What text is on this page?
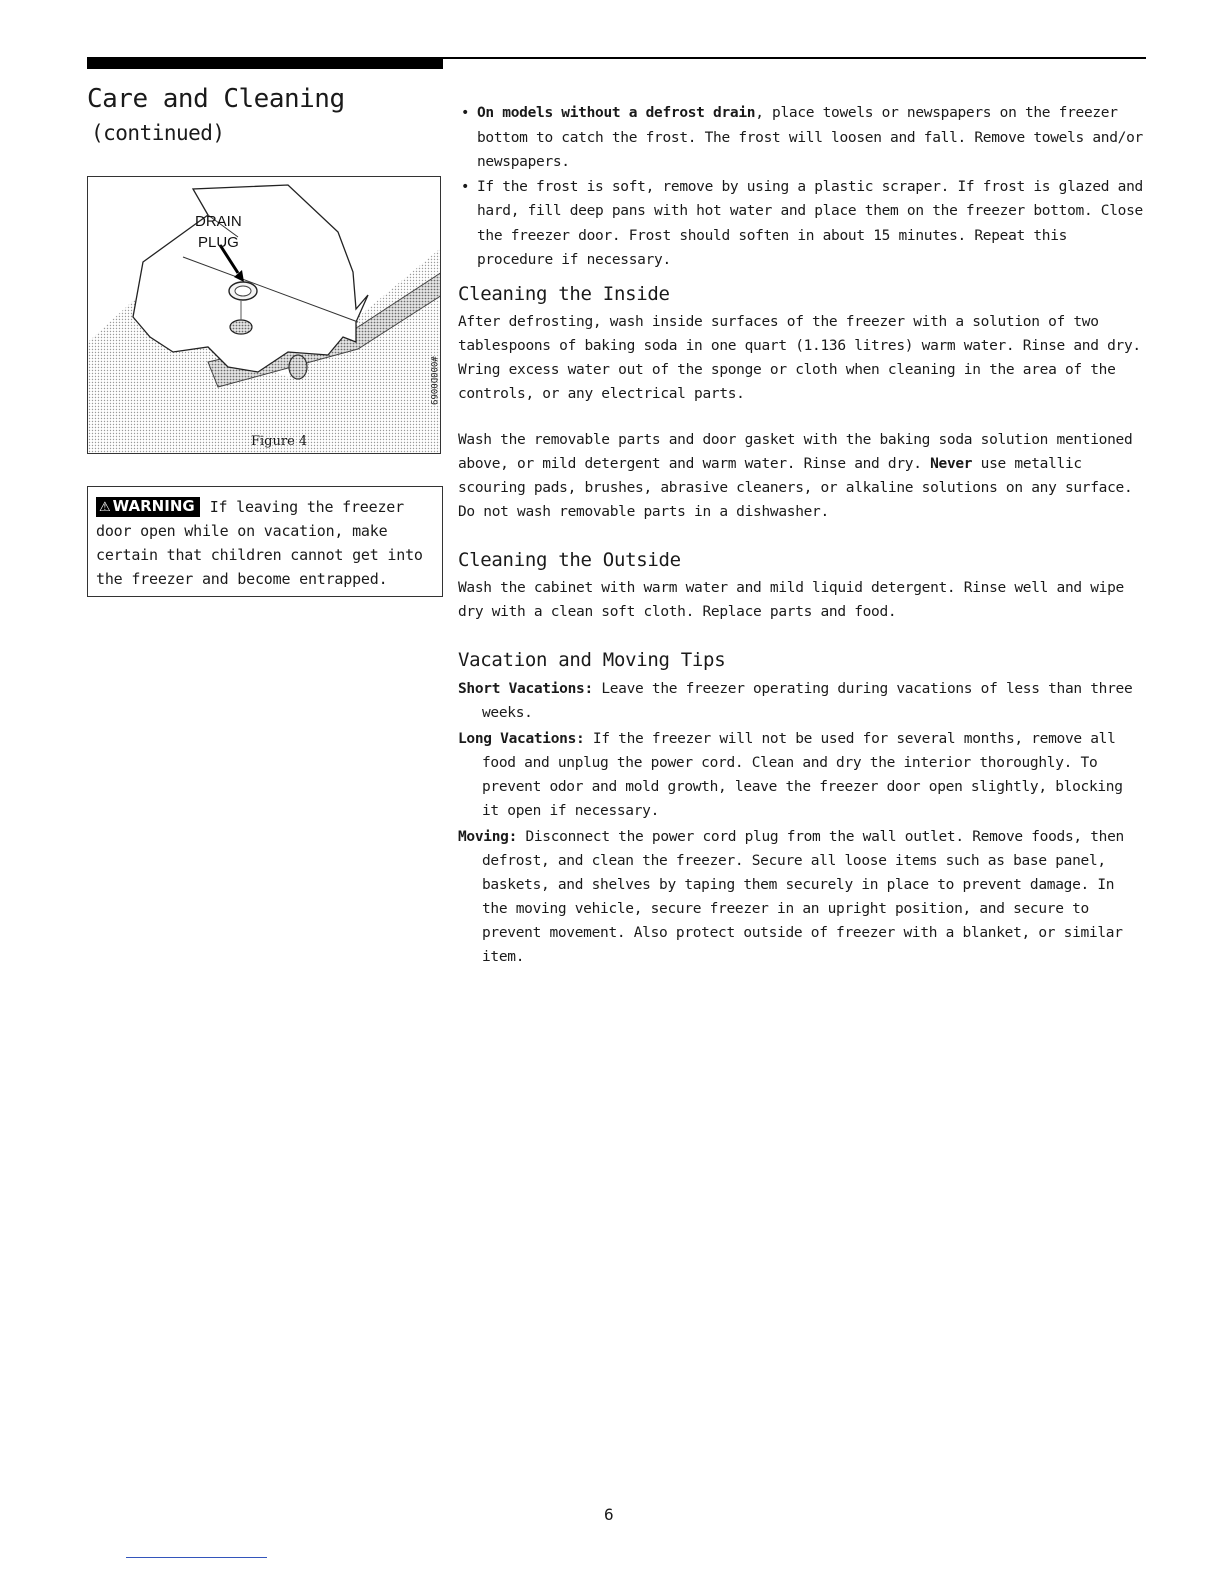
Care and Cleaning
(continued)
DRAIN
PLUG
Figure 4
#000D0069
⚠ WARNING If leaving the freezer door open while on vacation, make certain that children cannot get into the freezer and become entrapped.
• On models without a defrost drain, place towels or newspapers on the freezer bottom to catch the frost. The frost will loosen and fall. Remove towels and/or newspapers.
• If the frost is soft, remove by using a plastic scraper. If frost is glazed and hard, fill deep pans with hot water and place them on the freezer bottom. Close the freezer door. Frost should soften in about 15 minutes. Repeat this procedure if necessary.
Cleaning the Inside

After defrosting, wash inside surfaces of the freezer with a solution of two tablespoons of baking soda in one quart (1.136 litres) warm water. Rinse and dry. Wring excess water out of the sponge or cloth when cleaning in the area of the controls, or any electrical parts.

Wash the removable parts and door gasket with the baking soda solution mentioned above, or mild detergent and warm water. Rinse and dry. Never use metallic scouring pads, brushes, abrasive cleaners, or alkaline solutions on any surface. Do not wash removable parts in a dishwasher.

Cleaning the Outside

Wash the cabinet with warm water and mild liquid detergent. Rinse well and wipe dry with a clean soft cloth. Replace parts and food.

Vacation and Moving Tips

Short Vacations: Leave the freezer operating during vacations of less than three weeks.

Long Vacations: If the freezer will not be used for several months, remove all food and unplug the power cord. Clean and dry the interior thoroughly. To prevent odor and mold growth, leave the freezer door open slightly, blocking it open if necessary.

Moving: Disconnect the power cord plug from the wall outlet. Remove foods, then defrost, and clean the freezer. Secure all loose items such as base panel, baskets, and shelves by taping them securely in place to prevent damage. In the moving vehicle, secure freezer in an upright position, and secure to prevent movement. Also protect outside of freezer with a blanket, or similar item.

6
